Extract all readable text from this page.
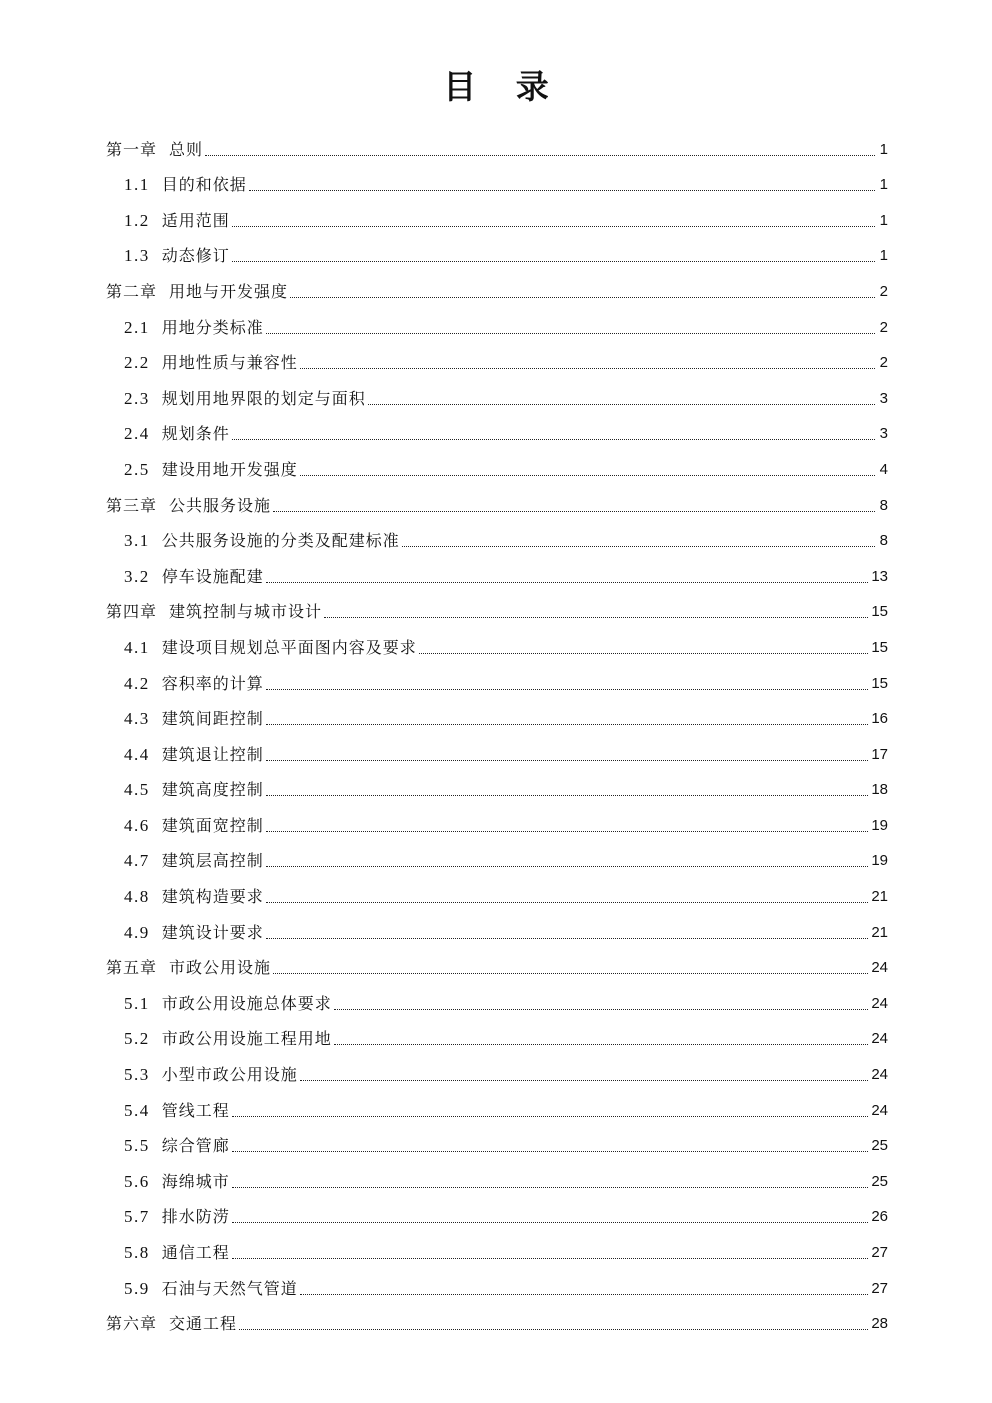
目 录
第一章 总则	1
1.1 目的和依据	1
1.2 适用范围	1
1.3 动态修订	1
第二章 用地与开发强度	2
2.1 用地分类标准	2
2.2 用地性质与兼容性	2
2.3 规划用地界限的划定与面积	3
2.4 规划条件	3
2.5 建设用地开发强度	4
第三章 公共服务设施	8
3.1 公共服务设施的分类及配建标准	8
3.2 停车设施配建	13
第四章 建筑控制与城市设计	15
4.1 建设项目规划总平面图内容及要求	15
4.2 容积率的计算	15
4.3 建筑间距控制	16
4.4 建筑退让控制	17
4.5 建筑高度控制	18
4.6 建筑面宽控制	19
4.7 建筑层高控制	19
4.8 建筑构造要求	21
4.9 建筑设计要求	21
第五章 市政公用设施	24
5.1 市政公用设施总体要求	24
5.2 市政公用设施工程用地	24
5.3 小型市政公用设施	24
5.4 管线工程	24
5.5 综合管廊	25
5.6 海绵城市	25
5.7 排水防涝	26
5.8 通信工程	27
5.9 石油与天然气管道	27
第六章 交通工程	28
